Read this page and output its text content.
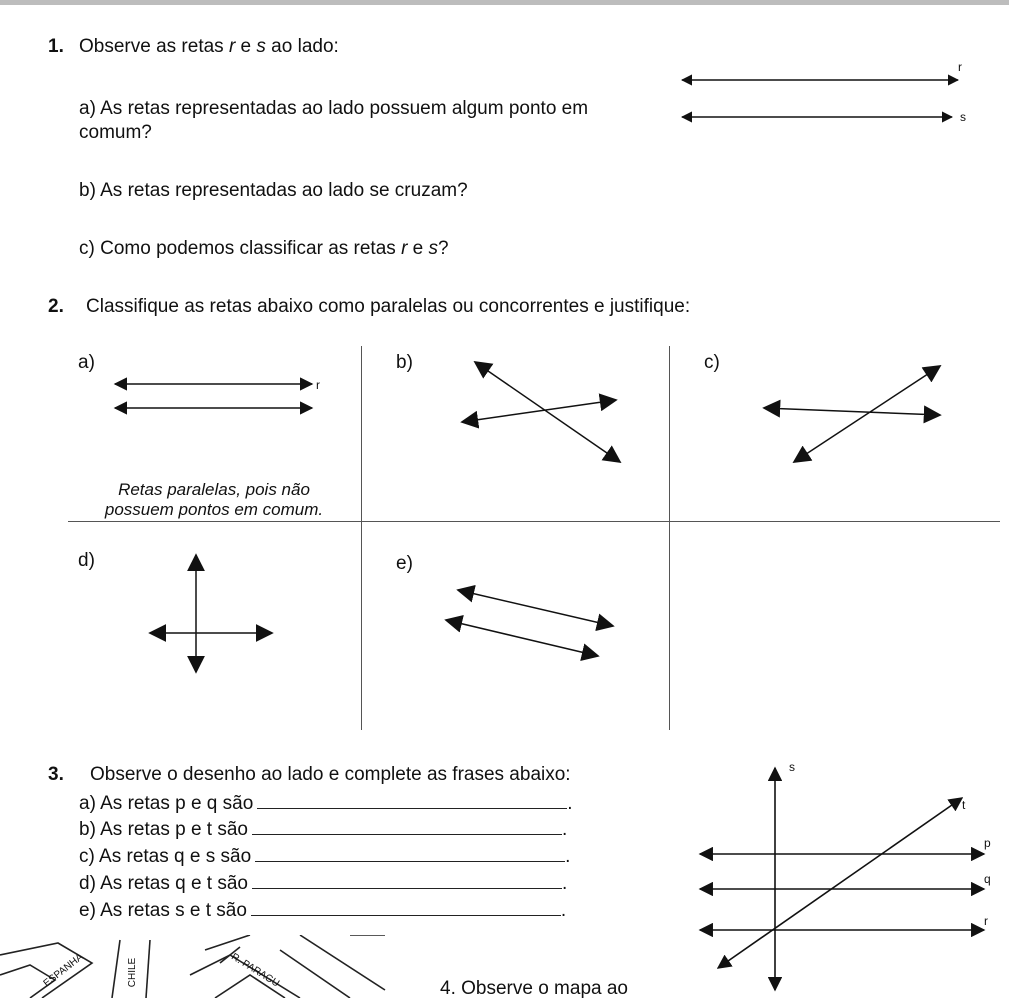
1. Observe as retas r e s ao lado:
a) As retas representadas ao lado possuem algum ponto em
comum?
b) As retas representadas ao lado se cruzam?
c) Como podemos classificar as retas r e s?
r
s
2. Classifique as retas abaixo como paralelas ou concorrentes e justifique:
a)	b)	c)
d)	e)
r
Retas paralelas, pois não
possuem pontos em comum.
3. Observe o desenho ao lado e complete as frases abaixo:
a) As retas p e q são	.
b) As retas p e t são	.
c) As retas q e s são	.
d) As retas q e t são	.
e) As retas s e t são	.
s
t
p
q
r
ESPANHA	CHILE	R. PARAGU	4. Observe o mapa ao
